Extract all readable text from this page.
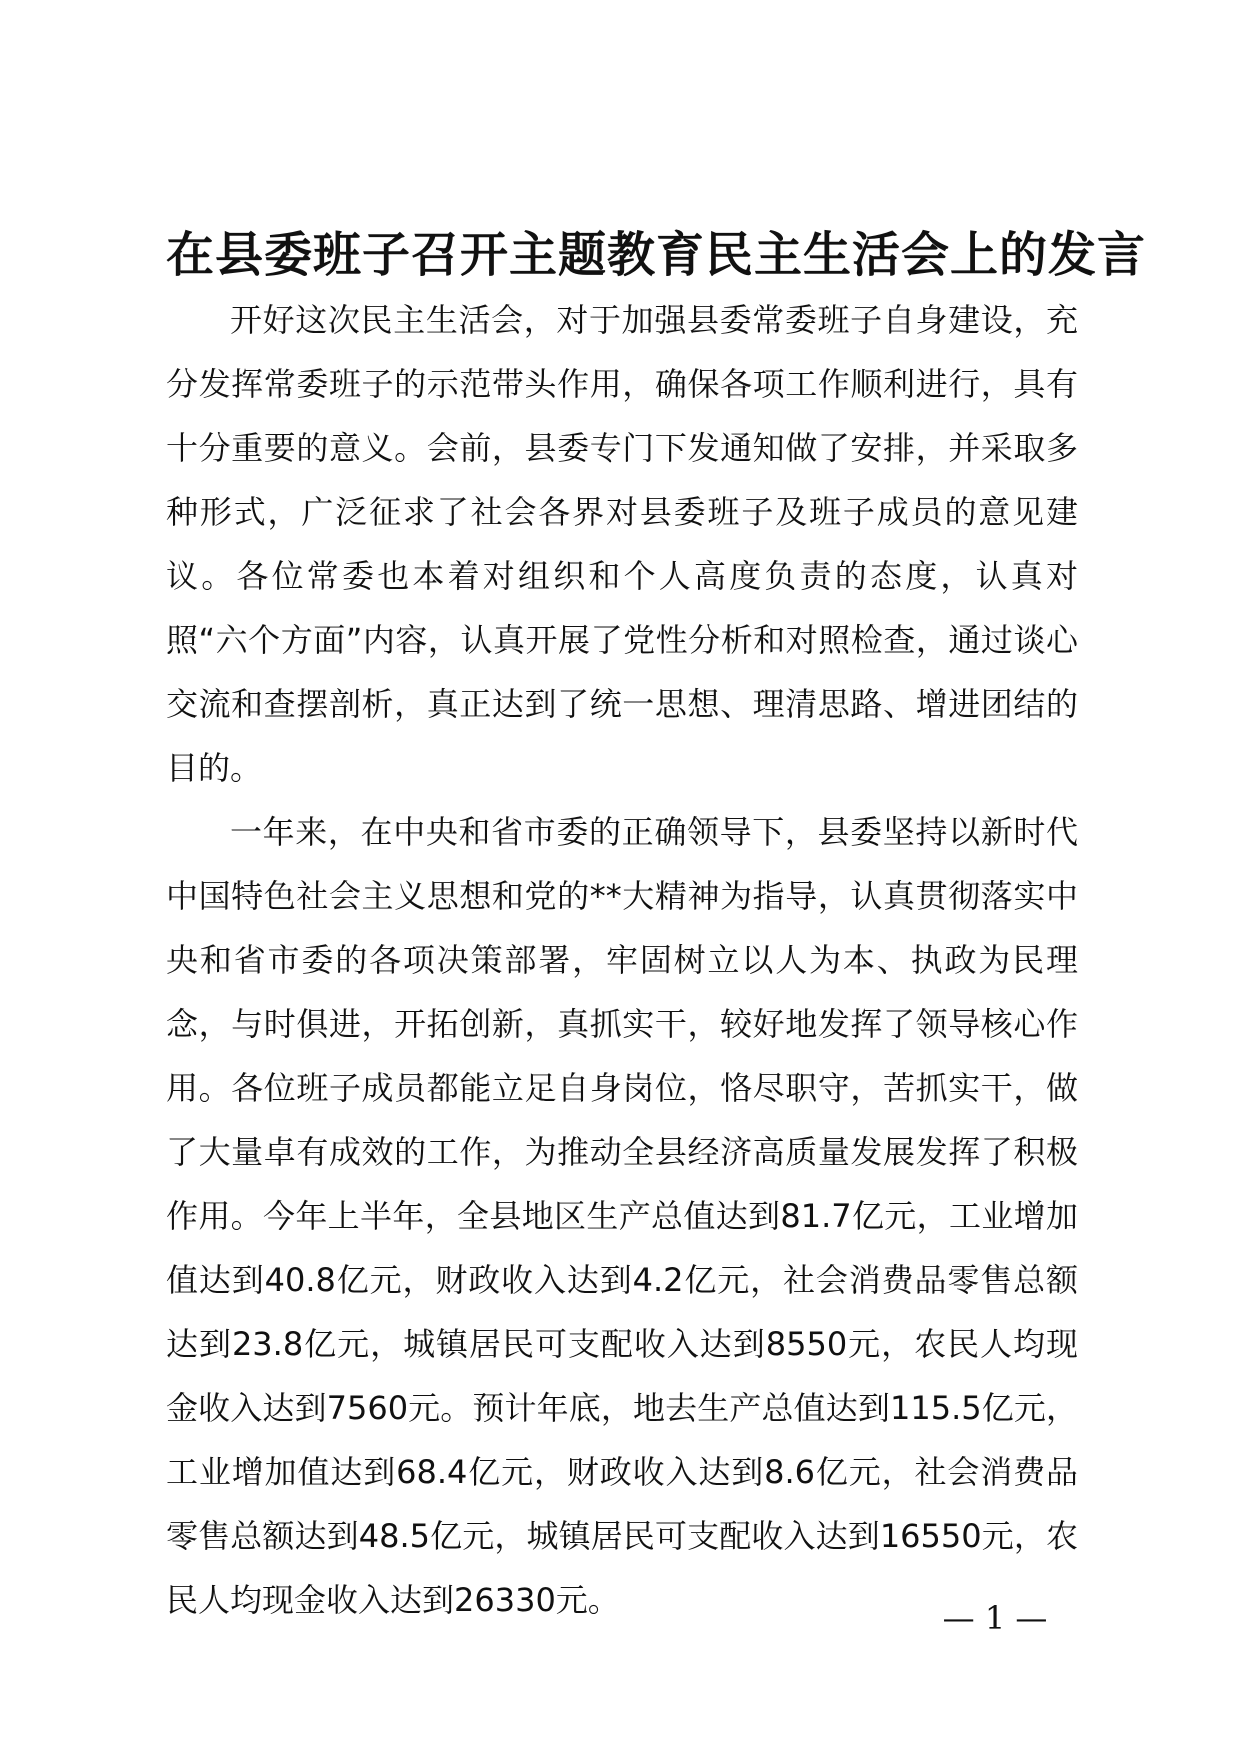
在县委班子召开主题教育民主生活会上的发言

开好这次民主生活会，对于加强县委常委班子自身建设，充分发挥常委班子的示范带头作用，确保各项工作顺利进行，具有十分重要的意义。会前，县委专门下发通知做了安排，并采取多种形式，广泛征求了社会各界对县委班子及班子成员的意见建议。各位常委也本着对组织和个人高度负责的态度，认真对照“六个方面”内容，认真开展了党性分析和对照检查，通过谈心交流和查摆剖析，真正达到了统一思想、理清思路、增进团结的目的。

一年来，在中央和省市委的正确领导下，县委坚持以新时代中国特色社会主义思想和党的**大精神为指导，认真贯彻落实中央和省市委的各项决策部署，牢固树立以人为本、执政为民理念，与时俱进，开拓创新，真抓实干，较好地发挥了领导核心作用。各位班子成员都能立足自身岗位，恪尽职守，苦抓实干，做了大量卓有成效的工作，为推动全县经济高质量发展发挥了积极作用。今年上半年，全县地区生产总值达到81.7亿元，工业增加值达到40.8亿元，财政收入达到4.2亿元，社会消费品零售总额达到23.8亿元，城镇居民可支配收入达到8550元，农民人均现金收入达到7560元。预计年底，地去生产总值达到115.5亿元，工业增加值达到68.4亿元，财政收入达到8.6亿元，社会消费品零售总额达到48.5亿元，城镇居民可支配收入达到16550元，农民人均现金收入达到26330元。	— 1 —
